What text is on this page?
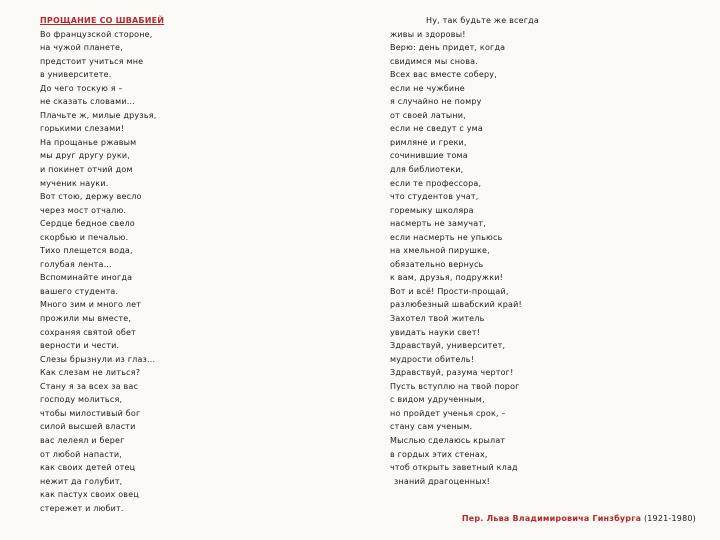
ПРОЩАНИЕ СО ШВАБИЕЙ
Во французской стороне,
на чужой планете,
предстоит учиться мне
в университете.
До чего тоскую я –
не сказать словами...
Плачьте ж, милые друзья,
горькими слезами!
На прощанье ржавым
мы друг другу руки,
и покинет отчий дом
мученик науки.
Вот стою, держу весло
через мост отчалю.
Сердце бедное свело
скорбью и печалью.
Тихо плещется вода,
голубая лента...
Вспоминайте иногда
вашего студента.
Много зим и много лет
прожили мы вместе,
сохраняя святой обет
верности и чести.
Слезы брызнули из глаз...
Как слезам не литься?
Стану я за всех за вас
господу молиться,
чтобы милостивый бог
силой высшей власти
вас лелеял и берег
от любой напасти,
как своих детей отец
нежит да голубит,
как пастух своих овец
стережет и любит.
Ну, так будьте же всегда
живы и здоровы!
Верю: день придет, когда
свидимся мы снова.
Всех вас вместе соберу,
если не чужбине
я случайно не помру
от своей латыни,
если не сведут с ума
римляне и греки,
сочинившие тома
для библиотеки,
если те профессора,
что студентов учат,
горемыку школяра
насмерть не замучат,
если насмерть не упьюсь
на хмельной пирушке,
обязательно вернусь
к вам, друзья, подружки!
Вот и всё! Прости-прощай,
разлюбезный швабский край!
Захотел твой житель
увидать науки свет!
Здравствуй, университет,
мудрости обитель!
Здравствуй, разума чертог!
Пусть вступлю на твой порог
с видом удрученным,
но пройдет ученья срок, –
стану сам ученым.
Мыслью сделаюсь крылат
в гордых этих стенах,
чтоб открыть заветный клад
знаний драгоценных!
Пер. Льва Владимировича Гинзбурга (1921-1980)
